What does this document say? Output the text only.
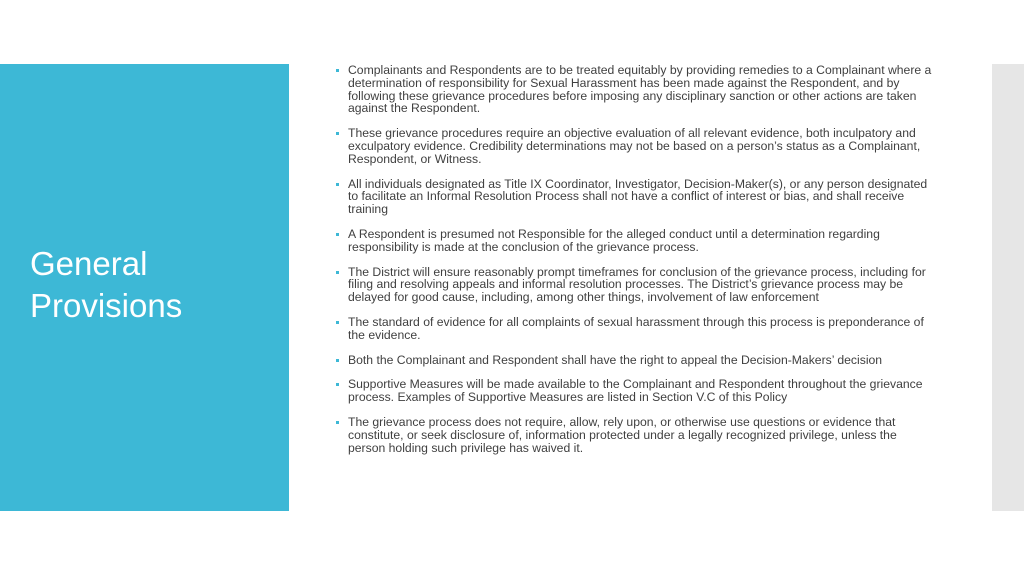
General Provisions
Complainants and Respondents are to be treated equitably by providing remedies to a Complainant where a determination of responsibility for Sexual Harassment has been made against the Respondent, and by following these grievance procedures before imposing any disciplinary sanction or other actions are taken against the Respondent.
These grievance procedures require an objective evaluation of all relevant evidence, both inculpatory and exculpatory evidence. Credibility determinations may not be based on a person’s status as a Complainant, Respondent, or Witness.
All individuals designated as Title IX Coordinator, Investigator, Decision-Maker(s), or any person designated to facilitate an Informal Resolution Process shall not have a conflict of interest or bias, and shall receive training
A Respondent is presumed not Responsible for the alleged conduct until a determination regarding responsibility is made at the conclusion of the grievance process.
The District will ensure reasonably prompt timeframes for conclusion of the grievance process, including for filing and resolving appeals and informal resolution processes. The District’s grievance process may be delayed for good cause, including, among other things, involvement of law enforcement
The standard of evidence for all complaints of sexual harassment through this process is preponderance of the evidence.
Both the Complainant and Respondent shall have the right to appeal the Decision-Makers’ decision
Supportive Measures will be made available to the Complainant and Respondent throughout the grievance process. Examples of Supportive Measures are listed in Section V.C of this Policy
The grievance process does not require, allow, rely upon, or otherwise use questions or evidence that constitute, or seek disclosure of, information protected under a legally recognized privilege, unless the person holding such privilege has waived it.
